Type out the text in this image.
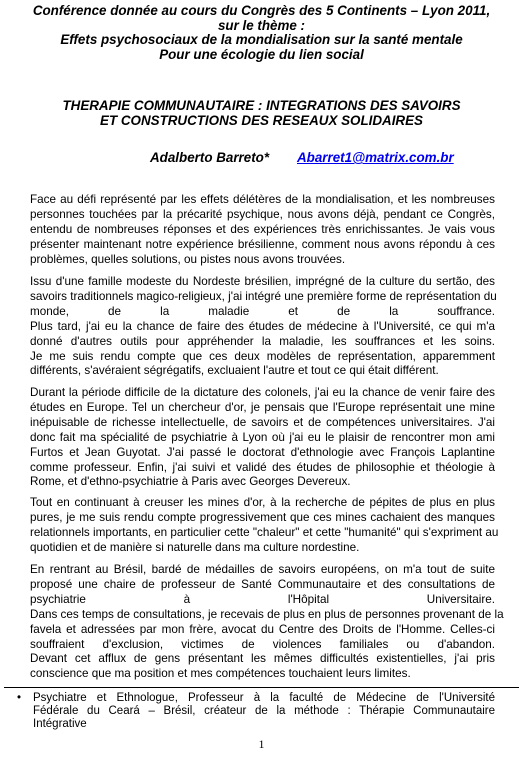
Conférence donnée au cours du Congrès des 5 Continents – Lyon 2011,
sur le thème :
Effets psychosociaux de la mondialisation sur la santé mentale
Pour une écologie du lien social

THERAPIE COMMUNAUTAIRE : INTEGRATIONS DES SAVOIRS
ET CONSTRUCTIONS DES RESEAUX SOLIDAIRES

Adalberto Barreto* Abarret1@matrix.com.br
Face au défi représenté par les effets délétères de la mondialisation, et les nombreuses
personnes touchées par la précarité psychique, nous avons déjà, pendant ce Congrès,
entendu de nombreuses réponses et des expériences très enrichissantes. Je vais vous
présenter maintenant notre expérience brésilienne, comment nous avons répondu à ces
problèmes, quelles solutions, ou pistes nous avons trouvées.
Issu d'une famille modeste du Nordeste brésilien, imprégné de la culture du sertão, des
savoirs traditionnels magico-religieux, j'ai intégré une première forme de représentation du
monde, de la maladie et de la souffrance.
Plus tard, j'ai eu la chance de faire des études de médecine à l'Université, ce qui m'a
donné d'autres outils pour appréhender la maladie, les souffrances et les soins.
Je me suis rendu compte que ces deux modèles de représentation, apparemment
différents, s'avéraient ségrégatifs, excluaient l'autre et tout ce qui était différent.
Durant la période difficile de la dictature des colonels, j'ai eu la chance de venir faire des
études en Europe. Tel un chercheur d'or, je pensais que l'Europe représentait une mine
inépuisable de richesse intellectuelle, de savoirs et de compétences universitaires. J'ai
donc fait ma spécialité de psychiatrie à Lyon où j'ai eu le plaisir de rencontrer mon ami
Furtos et Jean Guyotat. J'ai passé le doctorat d'ethnologie avec François Laplantine
comme professeur. Enfin, j'ai suivi et validé des études de philosophie et théologie à
Rome, et d'ethno-psychiatrie à Paris avec Georges Devereux.
Tout en continuant à creuser les mines d'or, à la recherche de pépites de plus en plus
pures, je me suis rendu compte progressivement que ces mines cachaient des manques
relationnels importants, en particulier cette "chaleur" et cette "humanité" qui s'expriment au
quotidien et de manière si naturelle dans ma culture nordestine.
En rentrant au Brésil, bardé de médailles de savoirs européens, on m'a tout de suite
proposé une chaire de professeur de Santé Communautaire et des consultations de
psychiatrie à l'Hôpital Universitaire.
Dans ces temps de consultations, je recevais de plus en plus de personnes provenant de la
favela et adressées par mon frère, avocat du Centre des Droits de l'Homme. Celles-ci
souffraient d'exclusion, victimes de violences familiales ou d'abandon.
Devant cet afflux de gens présentant les mêmes difficultés existentielles, j'ai pris
conscience que ma position et mes compétences touchaient leurs limites.
• Psychiatre et Ethnologue, Professeur à la faculté de Médecine de l'Université
Fédérale du Ceará – Brésil, créateur de la méthode : Thérapie Communautaire
Intégrative
1
